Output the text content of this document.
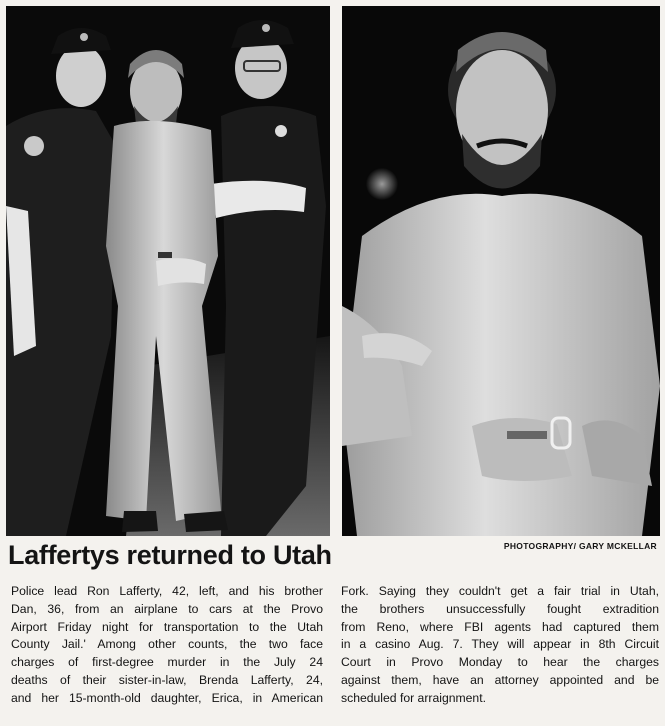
PHOTOGRAPHY/ GARY MCKELLAR
Laffertys returned to Utah
Police lead Ron Lafferty, 42, left, and his brother
Dan, 36, from an airplane to cars at the Provo
Airport Friday night for transportation to the Utah
County Jail.' Among other counts, the two face
charges of first-degree murder in the July 24
deaths of their sister-in-law, Brenda Lafferty, 24,
and her 15-month-old daughter, Erica, in American
Fork. Saying they couldn't get a fair trial in Utah,
the brothers unsuccessfully fought extradition
from Reno, where FBI agents had captured them
in a casino Aug. 7. They will appear in 8th Circuit
Court in Provo Monday to hear the charges
against them, have an attorney appointed and be
scheduled for arraignment.
